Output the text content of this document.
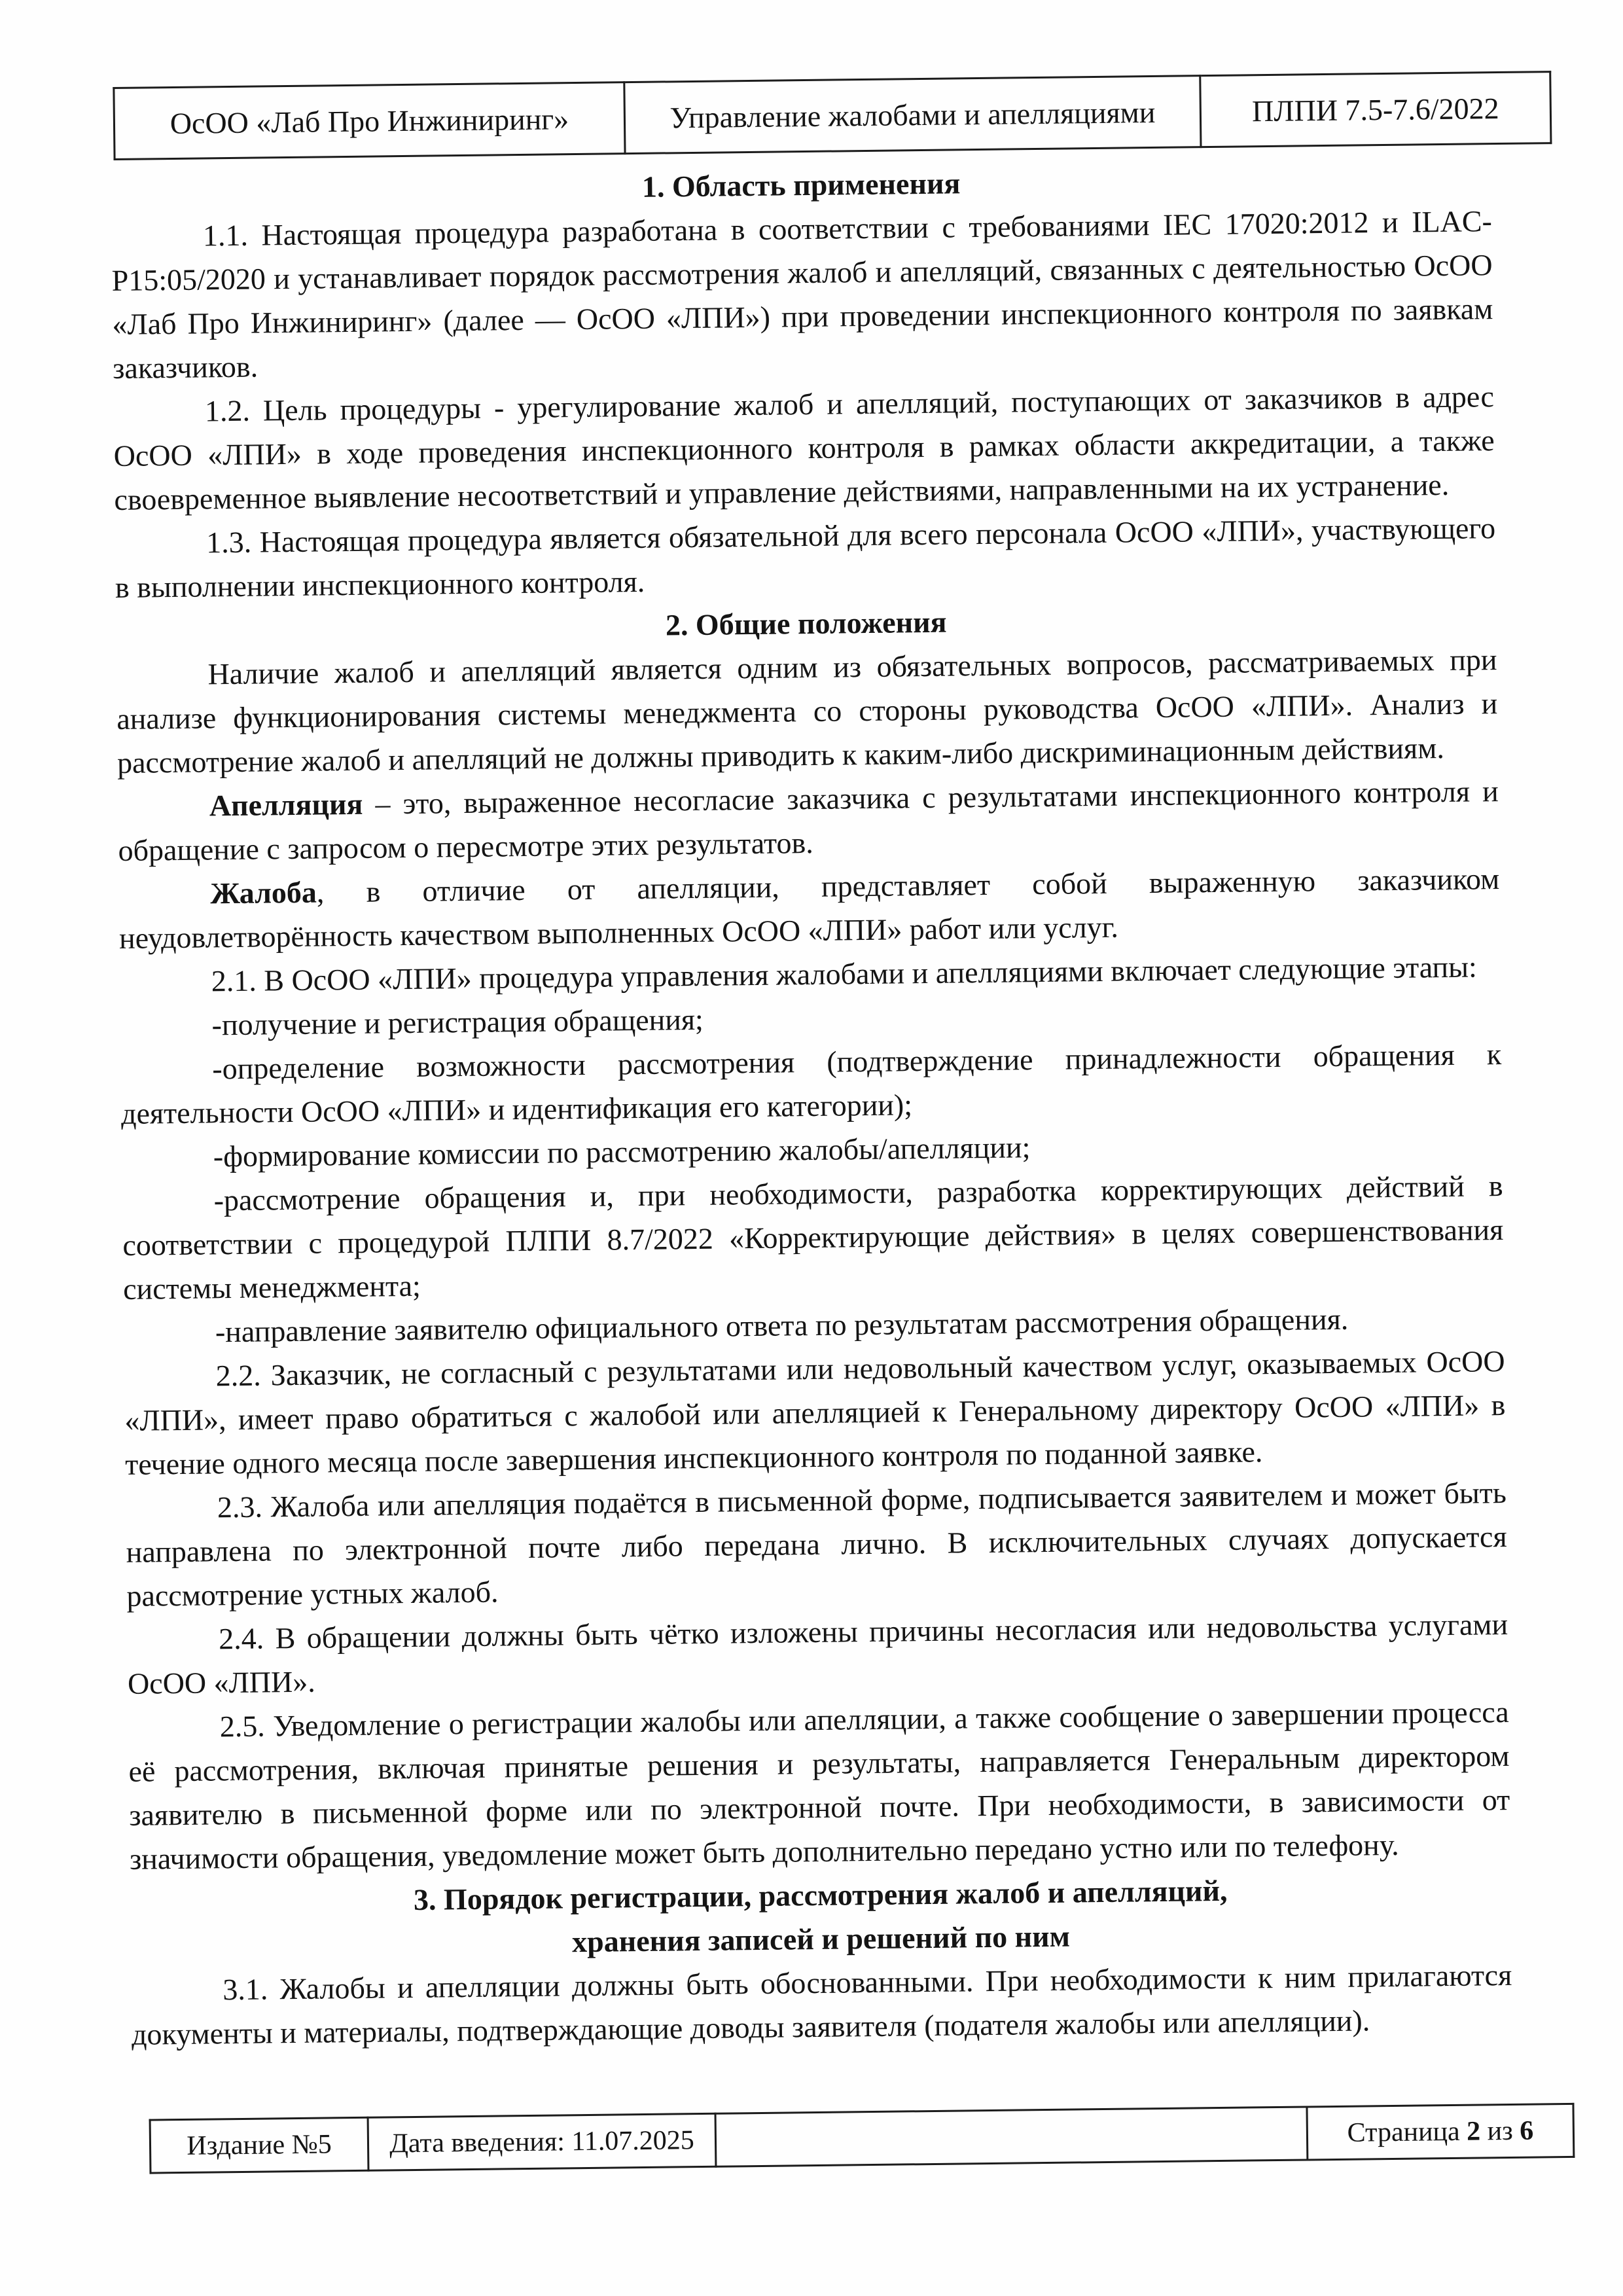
ОсОО «Лаб Про Инжиниринг»	Управление жалобами и апелляциями	ПЛПИ 7.5-7.6/2022

1. Область применения

1.1. Настоящая процедура разработана в соответствии с требованиями IEC 17020:2012 и ILAC-P15:05/2020 и устанавливает порядок рассмотрения жалоб и апелляций, связанных с деятельностью ОсОО «Лаб Про Инжиниринг» (далее — ОсОО «ЛПИ») при проведении инспекционного контроля по заявкам заказчиков.

1.2. Цель процедуры - урегулирование жалоб и апелляций, поступающих от заказчиков в адрес ОсОО «ЛПИ» в ходе проведения инспекционного контроля в рамках области аккредитации, а также своевременное выявление несоответствий и управление действиями, направленными на их устранение.

1.3. Настоящая процедура является обязательной для всего персонала ОсОО «ЛПИ», участвующего в выполнении инспекционного контроля.

2. Общие положения

Наличие жалоб и апелляций является одним из обязательных вопросов, рассматриваемых при анализе функционирования системы менеджмента со стороны руководства ОсОО «ЛПИ». Анализ и рассмотрение жалоб и апелляций не должны приводить к каким-либо дискриминационным действиям.

Апелляция – это, выраженное несогласие заказчика с результатами инспекционного контроля и обращение с запросом о пересмотре этих результатов.

Жалоба, в отличие от апелляции, представляет собой выраженную заказчиком неудовлетворённость качеством выполненных ОсОО «ЛПИ» работ или услуг.

2.1. В ОсОО «ЛПИ» процедура управления жалобами и апелляциями включает следующие этапы:

-получение и регистрация обращения;

-определение возможности рассмотрения (подтверждение принадлежности обращения к деятельности ОсОО «ЛПИ» и идентификация его категории);

-формирование комиссии по рассмотрению жалобы/апелляции;

-рассмотрение обращения и, при необходимости, разработка корректирующих действий в соответствии с процедурой ПЛПИ 8.7/2022 «Корректирующие действия» в целях совершенствования системы менеджмента;

-направление заявителю официального ответа по результатам рассмотрения обращения.

2.2. Заказчик, не согласный с результатами или недовольный качеством услуг, оказываемых ОсОО «ЛПИ», имеет право обратиться с жалобой или апелляцией к Генеральному директору ОсОО «ЛПИ» в течение одного месяца после завершения инспекционного контроля по поданной заявке.

2.3. Жалоба или апелляция подаётся в письменной форме, подписывается заявителем и может быть направлена по электронной почте либо передана лично. В исключительных случаях допускается рассмотрение устных жалоб.

2.4. В обращении должны быть чётко изложены причины несогласия или недовольства услугами ОсОО «ЛПИ».

2.5. Уведомление о регистрации жалобы или апелляции, а также сообщение о завершении процесса её рассмотрения, включая принятые решения и результаты, направляется Генеральным директором заявителю в письменной форме или по электронной почте. При необходимости, в зависимости от значимости обращения, уведомление может быть дополнительно передано устно или по телефону.

3. Порядок регистрации, рассмотрения жалоб и апелляций,

хранения записей и решений по ним

3.1. Жалобы и апелляции должны быть обоснованными. При необходимости к ним прилагаются документы и материалы, подтверждающие доводы заявителя (подателя жалобы или апелляции).

Издание №5	Дата введения: 11.07.2025		Страница 2 из 6
